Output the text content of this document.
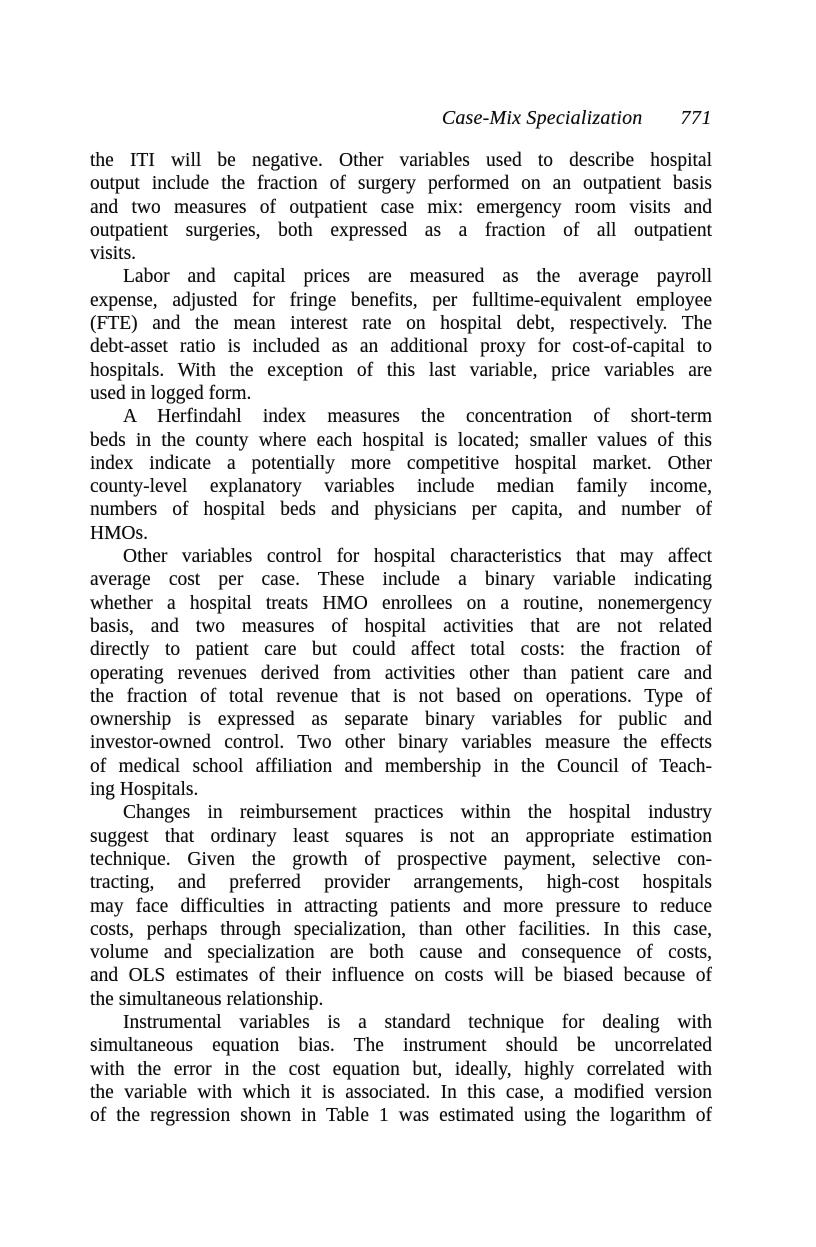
Case-Mix Specialization 771
the ITI will be negative. Other variables used to describe hospital
output include the fraction of surgery performed on an outpatient basis
and two measures of outpatient case mix: emergency room visits and
outpatient surgeries, both expressed as a fraction of all outpatient
visits.
Labor and capital prices are measured as the average payroll
expense, adjusted for fringe benefits, per fulltime-equivalent employee
(FTE) and the mean interest rate on hospital debt, respectively. The
debt-asset ratio is included as an additional proxy for cost-of-capital to
hospitals. With the exception of this last variable, price variables are
used in logged form.
A Herfindahl index measures the concentration of short-term
beds in the county where each hospital is located; smaller values of this
index indicate a potentially more competitive hospital market. Other
county-level explanatory variables include median family income,
numbers of hospital beds and physicians per capita, and number of
HMOs.
Other variables control for hospital characteristics that may affect
average cost per case. These include a binary variable indicating
whether a hospital treats HMO enrollees on a routine, nonemergency
basis, and two measures of hospital activities that are not related
directly to patient care but could affect total costs: the fraction of
operating revenues derived from activities other than patient care and
the fraction of total revenue that is not based on operations. Type of
ownership is expressed as separate binary variables for public and
investor-owned control. Two other binary variables measure the effects
of medical school affiliation and membership in the Council of Teach-
ing Hospitals.
Changes in reimbursement practices within the hospital industry
suggest that ordinary least squares is not an appropriate estimation
technique. Given the growth of prospective payment, selective con-
tracting, and preferred provider arrangements, high-cost hospitals
may face difficulties in attracting patients and more pressure to reduce
costs, perhaps through specialization, than other facilities. In this case,
volume and specialization are both cause and consequence of costs,
and OLS estimates of their influence on costs will be biased because of
the simultaneous relationship.
Instrumental variables is a standard technique for dealing with
simultaneous equation bias. The instrument should be uncorrelated
with the error in the cost equation but, ideally, highly correlated with
the variable with which it is associated. In this case, a modified version
of the regression shown in Table 1 was estimated using the logarithm of
